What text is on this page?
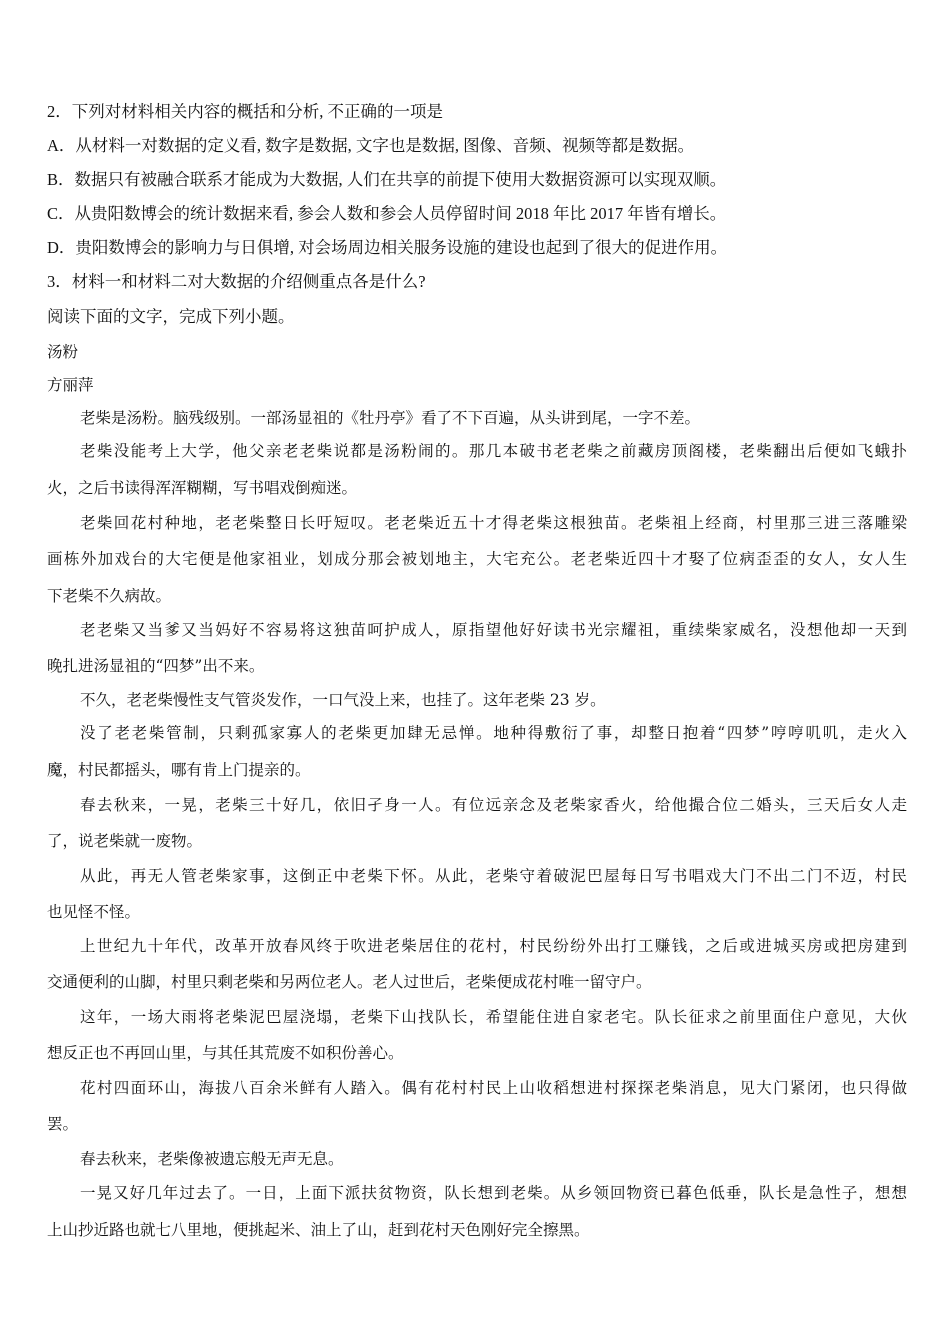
2．下列对材料相关内容的概括和分析, 不正确的一项是
A．从材料一对数据的定义看, 数字是数据, 文字也是数据, 图像、音频、视频等都是数据。
B．数据只有被融合联系才能成为大数据, 人们在共享的前提下使用大数据资源可以实现双顺。
C．从贵阳数博会的统计数据来看, 参会人数和参会人员停留时间 2018 年比 2017 年皆有增长。
D．贵阳数博会的影响力与日俱增, 对会场周边相关服务设施的建设也起到了很大的促进作用。
3．材料一和材料二对大数据的介绍侧重点各是什么?
阅读下面的文字，完成下列小题。
汤粉
方丽萍
老柴是汤粉。脑残级别。一部汤显祖的《牡丹亭》看了不下百遍，从头讲到尾，一字不差。
老柴没能考上大学，他父亲老老柴说都是汤粉闹的。那几本破书老老柴之前藏房顶阁楼，老柴翻出后便如飞蛾扑
火，之后书读得浑浑糊糊，写书唱戏倒痴迷。
老柴回花村种地，老老柴整日长吁短叹。老老柴近五十才得老柴这根独苗。老柴祖上经商，村里那三进三落雕梁
画栋外加戏台的大宅便是他家祖业，划成分那会被划地主，大宅充公。老老柴近四十才娶了位病歪歪的女人，女人生
下老柴不久病故。
老老柴又当爹又当妈好不容易将这独苗呵护成人，原指望他好好读书光宗耀祖，重续柴家威名，没想他却一天到
晚扎进汤显祖的“四梦”出不来。
不久，老老柴慢性支气管炎发作，一口气没上来，也挂了。这年老柴 23 岁。
没了老老柴管制，只剩孤家寡人的老柴更加肆无忌惮。地种得敷衍了事，却整日抱着“四梦”哼哼叽叽，走火入
魔，村民都摇头，哪有肯上门提亲的。
春去秋来，一晃，老柴三十好几，依旧孑身一人。有位远亲念及老柴家香火，给他撮合位二婚头，三天后女人走
了，说老柴就一废物。
从此，再无人管老柴家事，这倒正中老柴下怀。从此，老柴守着破泥巴屋每日写书唱戏大门不出二门不迈，村民
也见怪不怪。
上世纪九十年代，改革开放春风终于吹进老柴居住的花村，村民纷纷外出打工赚钱，之后或进城买房或把房建到
交通便利的山脚，村里只剩老柴和另两位老人。老人过世后，老柴便成花村唯一留守户。
这年，一场大雨将老柴泥巴屋浇塌，老柴下山找队长，希望能住进自家老宅。队长征求之前里面住户意见，大伙
想反正也不再回山里，与其任其荒废不如积份善心。
花村四面环山，海拔八百余米鲜有人踏入。偶有花村村民上山收稻想进村探探老柴消息，见大门紧闭，也只得做
罢。
春去秋来，老柴像被遗忘般无声无息。
一晃又好几年过去了。一日，上面下派扶贫物资，队长想到老柴。从乡领回物资已暮色低垂，队长是急性子，想想
上山抄近路也就七八里地，便挑起米、油上了山，赶到花村天色刚好完全擦黑。
